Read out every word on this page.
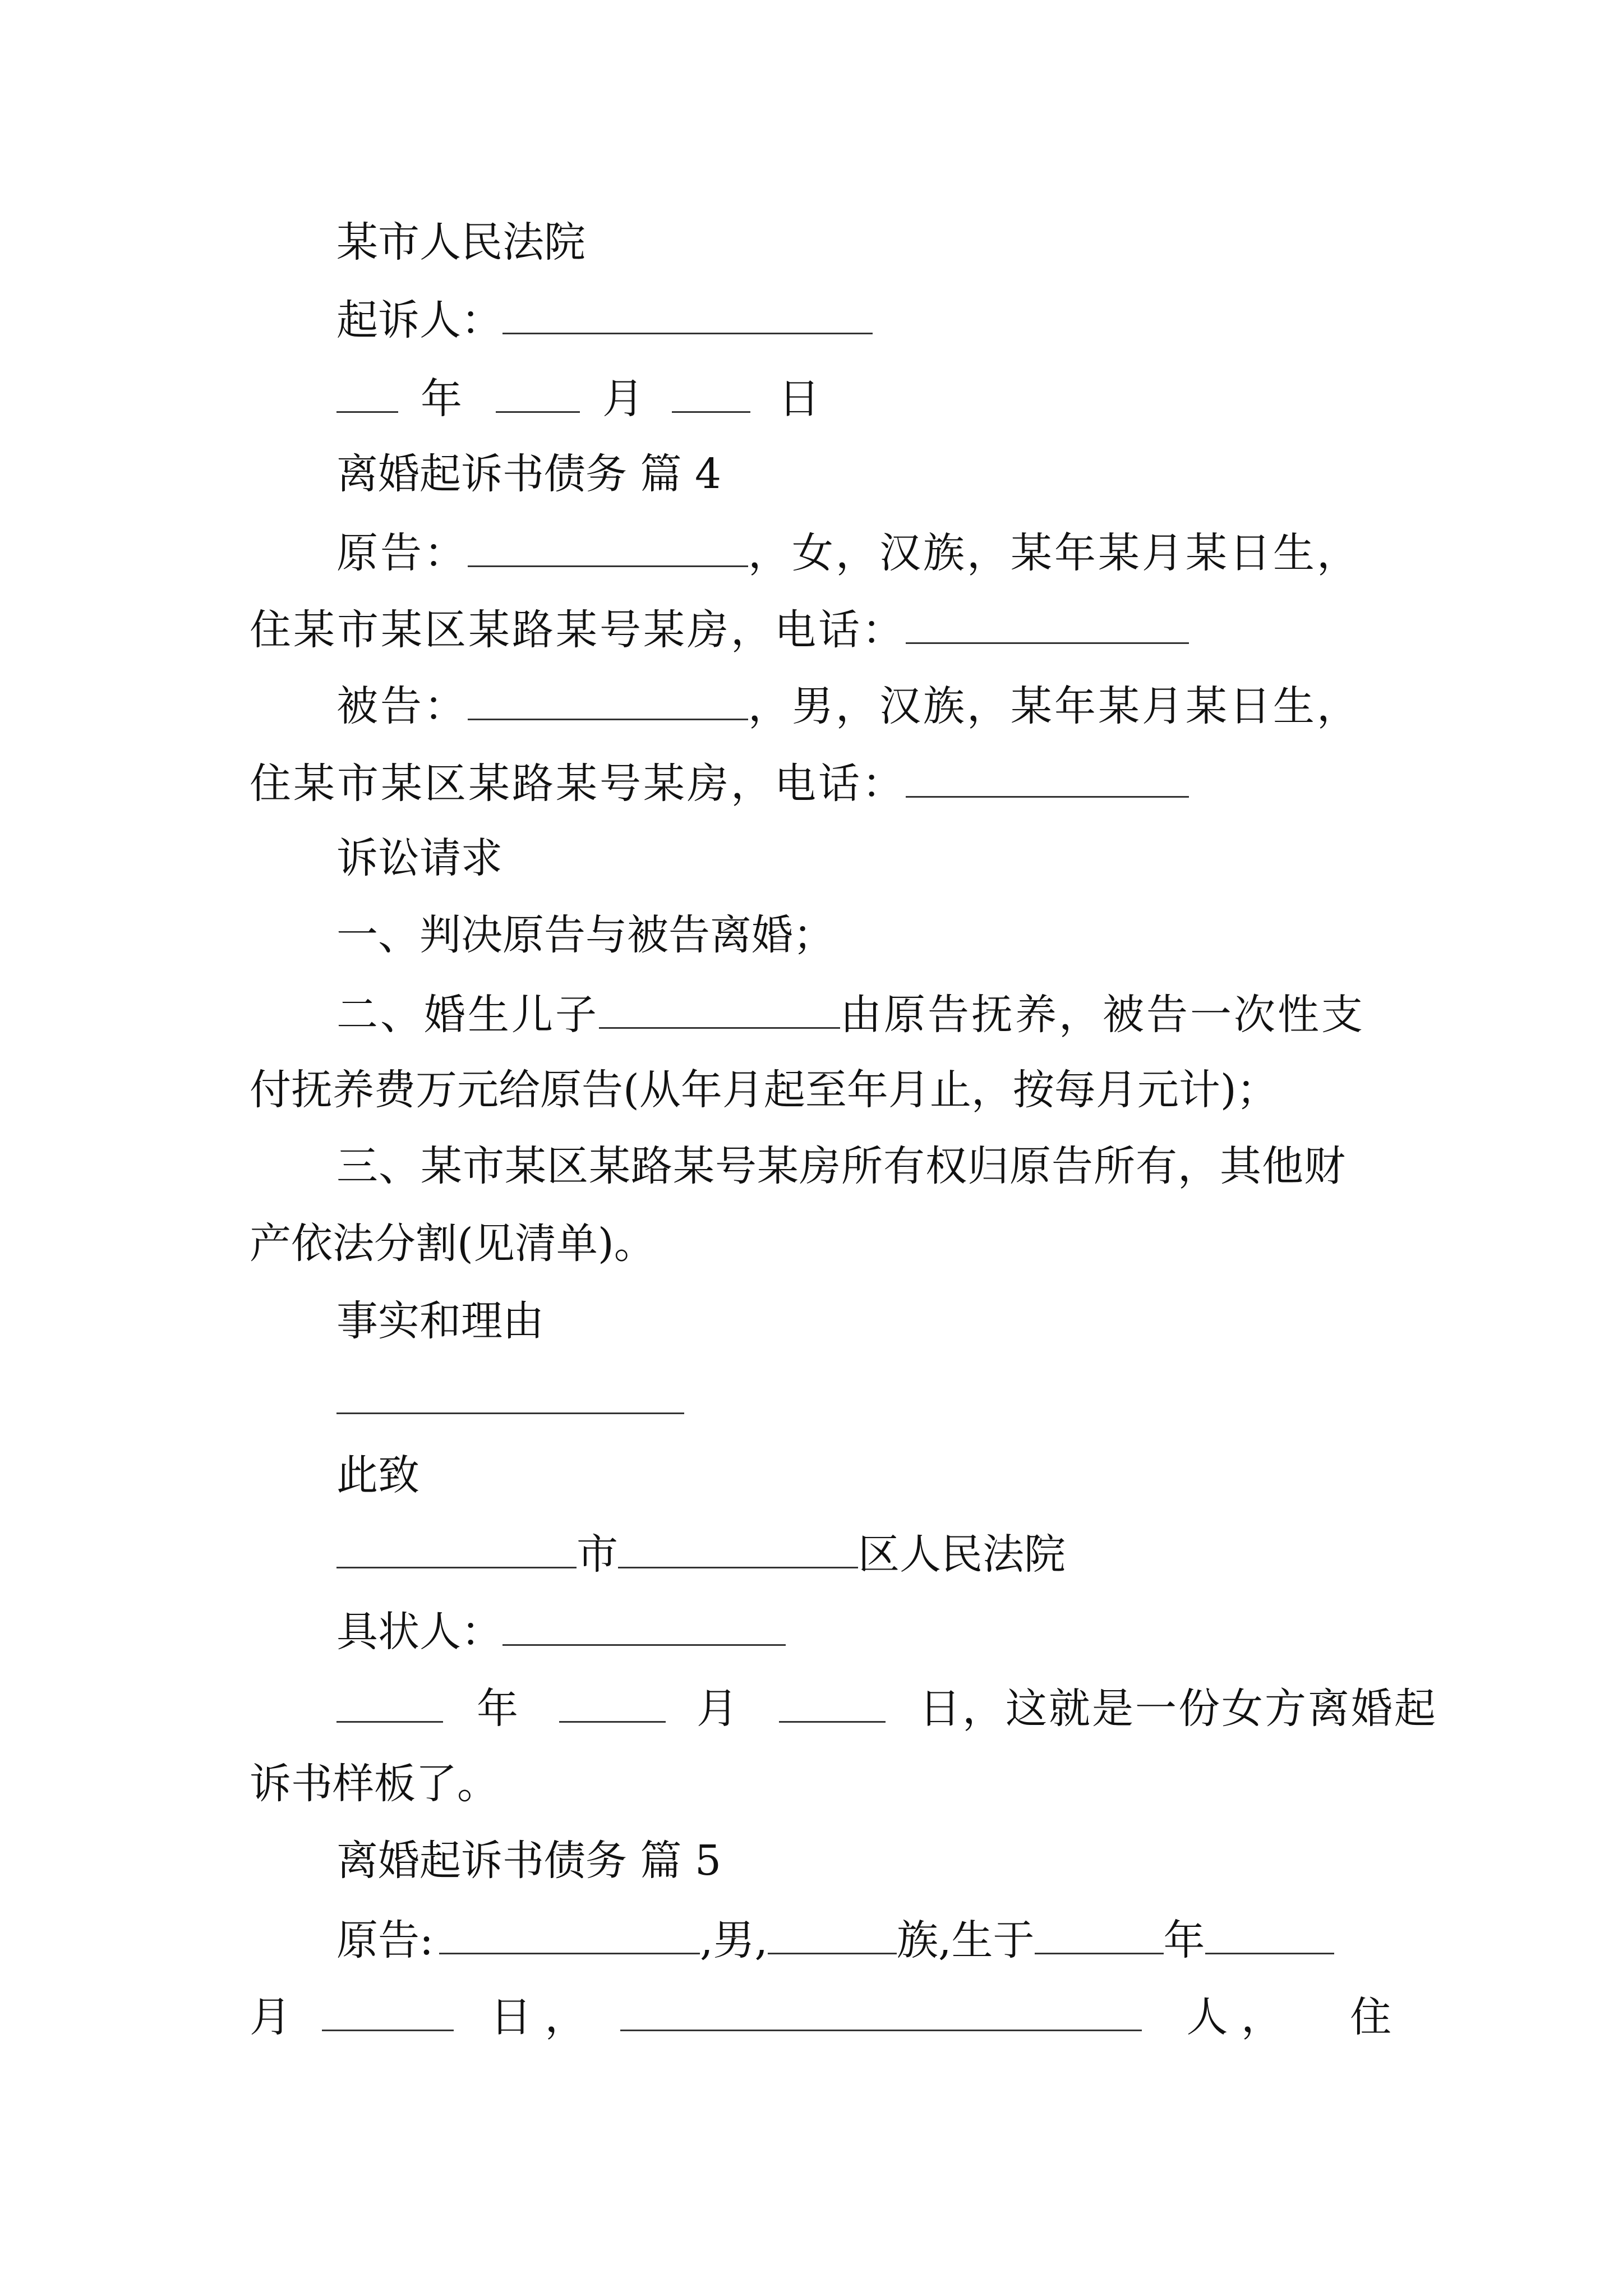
某市人民法院
起诉人：
年	月	日
离婚起诉书债务 篇 4
原告：	，女，汉族，某年某月某日生，
住某市某区某路某号某房，电话：
被告：	，男，汉族，某年某月某日生，
住某市某区某路某号某房，电话：
诉讼请求
一、判决原告与被告离婚；
二、婚生儿子	由原告抚养，被告一次性支
付抚养费万元给原告(从年月起至年月止，按每月元计)；
三、某市某区某路某号某房所有权归原告所有，其他财
产依法分割(见清单)。
事实和理由
此致
市	区人民法院
具状人：
年	月	日，这就是一份女方离婚起
诉书样板了。
离婚起诉书债务 篇 5
原告:	,男,	族,生于	年
月	日 ，	人 ， 住
